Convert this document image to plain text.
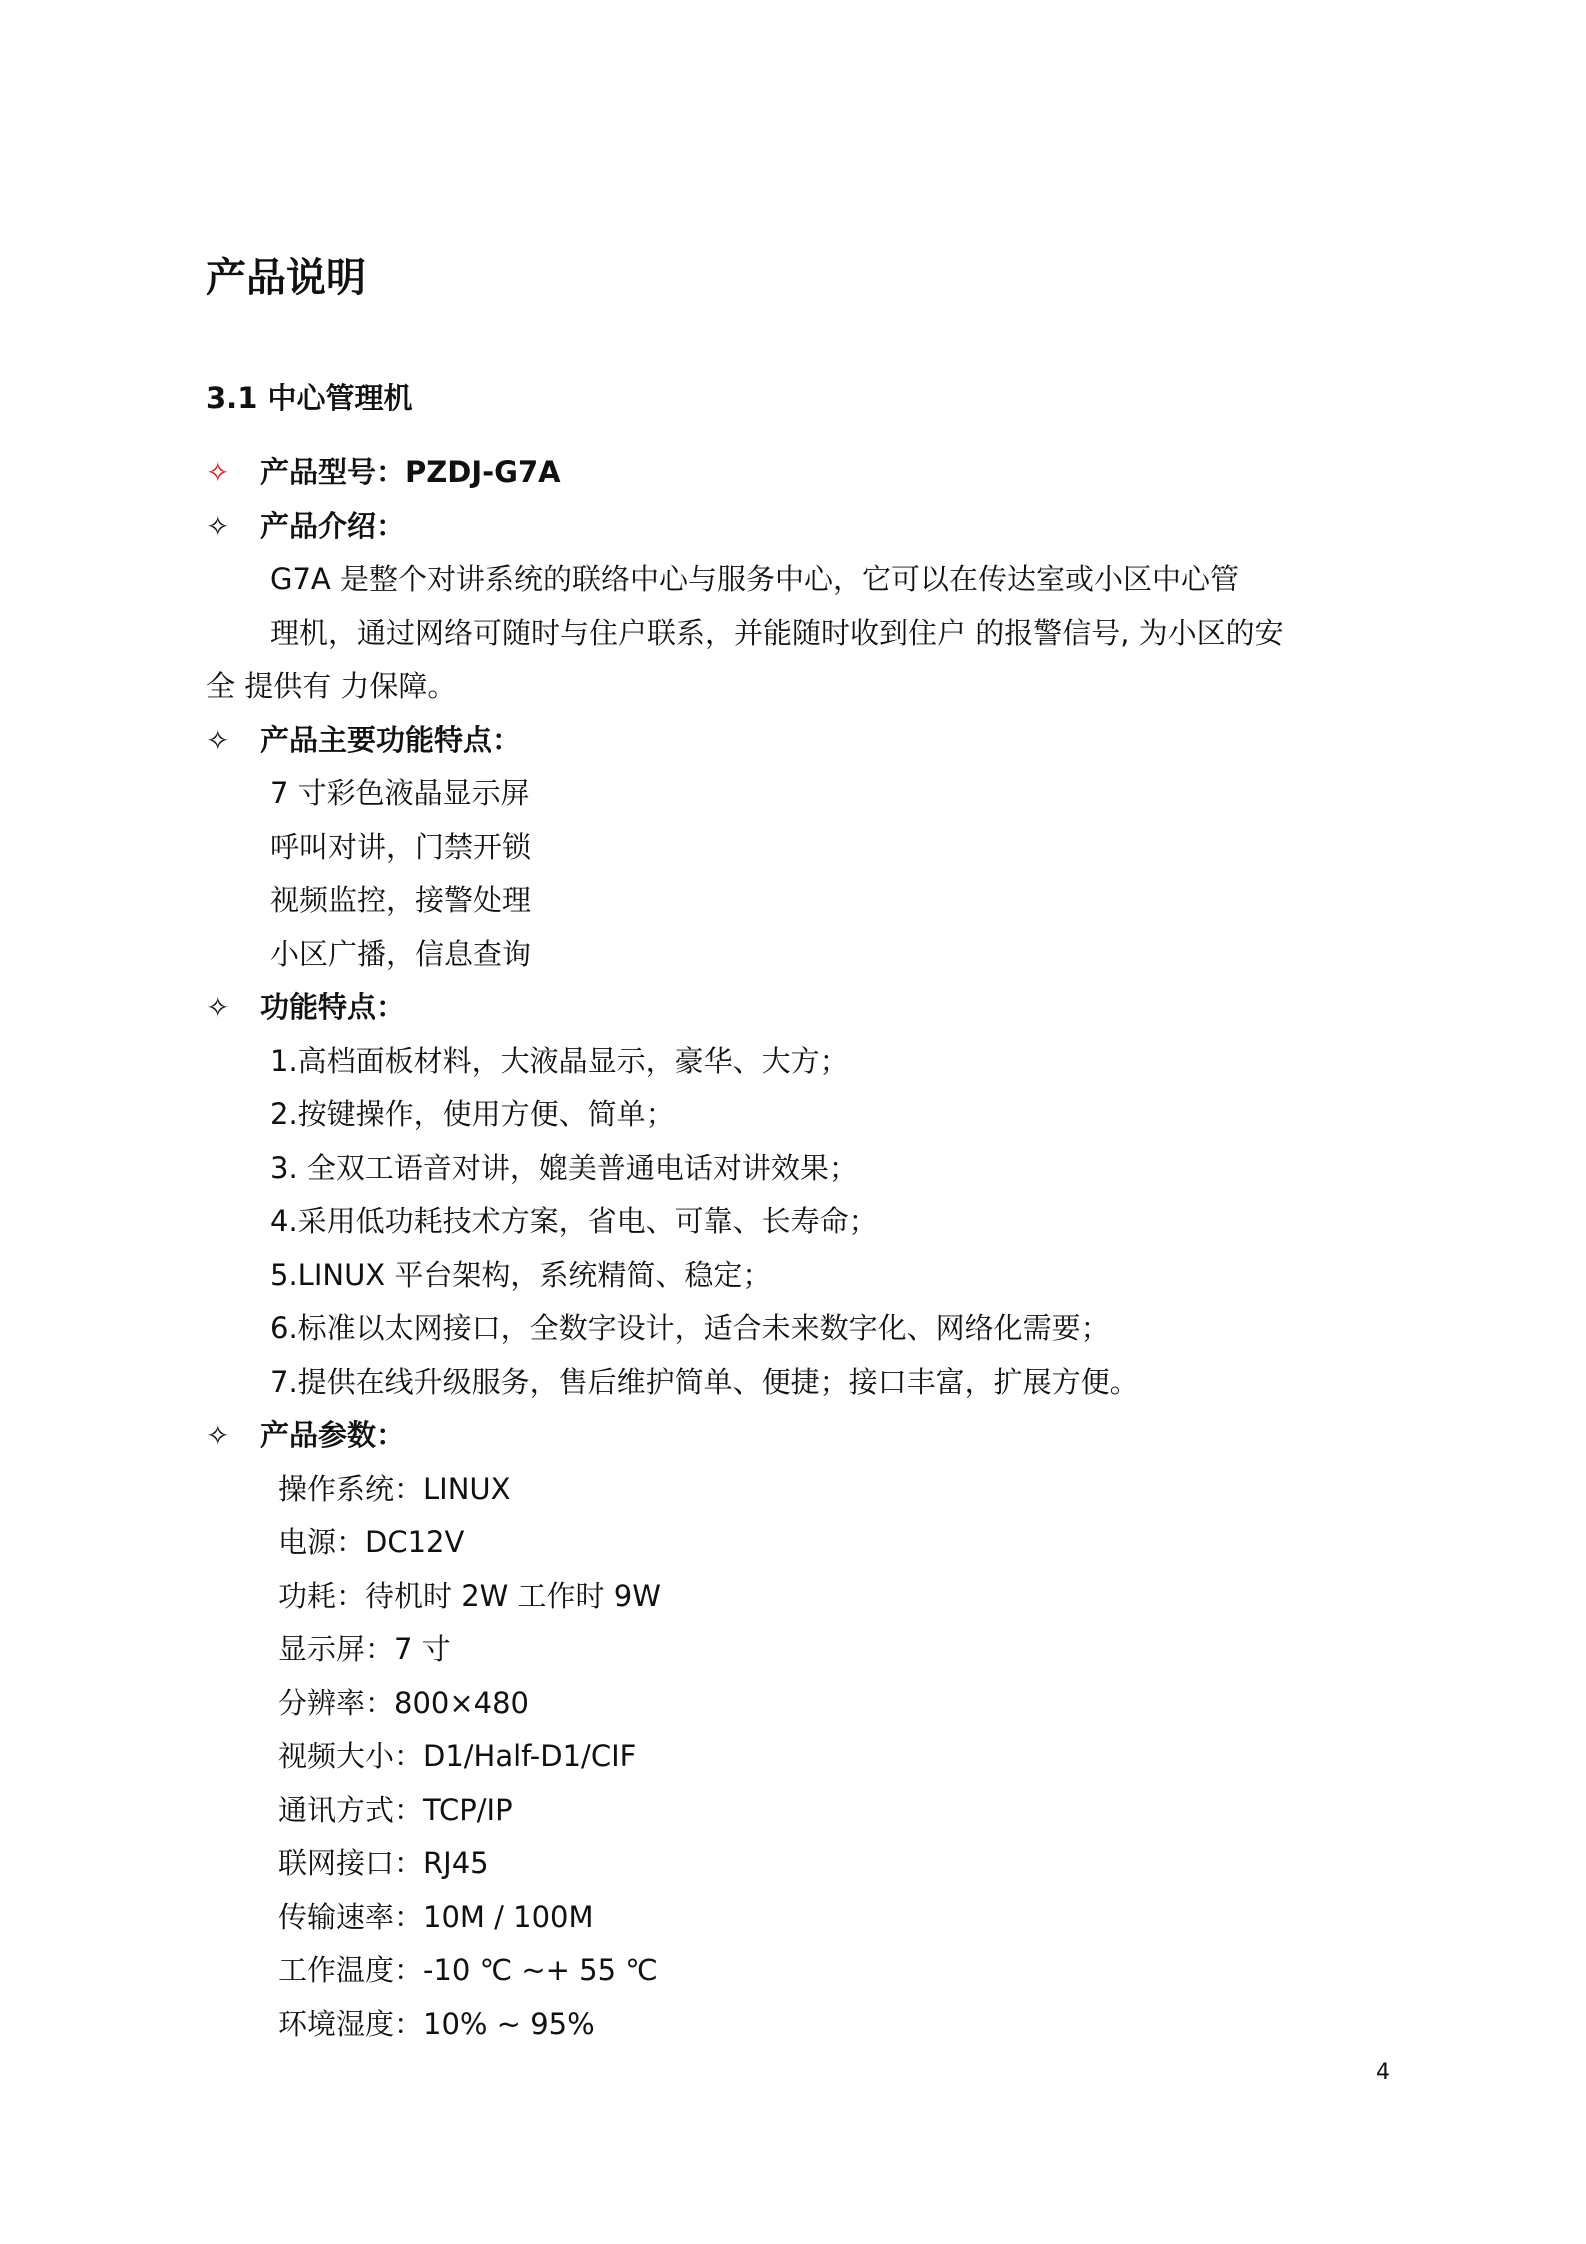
产品说明
3.1 中心管理机
✧	产品型号：PZDJ-G7A
✧	产品介绍：
G7A 是整个对讲系统的联络中心与服务中心，它可以在传达室或小区中心管
理机，通过网络可随时与住户联系，并能随时收到住户 的报警信号, 为小区的安
全 提供有 力保障。
✧	产品主要功能特点：
7 寸彩色液晶显示屏
呼叫对讲，门禁开锁
视频监控，接警处理
小区广播，信息查询
✧	功能特点：
1.高档面板材料，大液晶显示，豪华、大方；
2.按键操作，使用方便、简单；
3. 全双工语音对讲，媲美普通电话对讲效果；
4.采用低功耗技术方案，省电、可靠、长寿命；
5.LINUX 平台架构，系统精简、稳定；
6.标准以太网接口，全数字设计，适合未来数字化、网络化需要；
7.提供在线升级服务，售后维护简单、便捷；接口丰富，扩展方便。
✧	产品参数：
操作系统：LINUX
电源：DC12V
功耗：待机时 2W 工作时 9W
显示屏：7 寸
分辨率：800×480
视频大小：D1/Half-D1/CIF
通讯方式：TCP/IP
联网接口：RJ45
传输速率：10M / 100M
工作温度：-10 ℃ ~+ 55 ℃
环境湿度：10% ~ 95%
4
